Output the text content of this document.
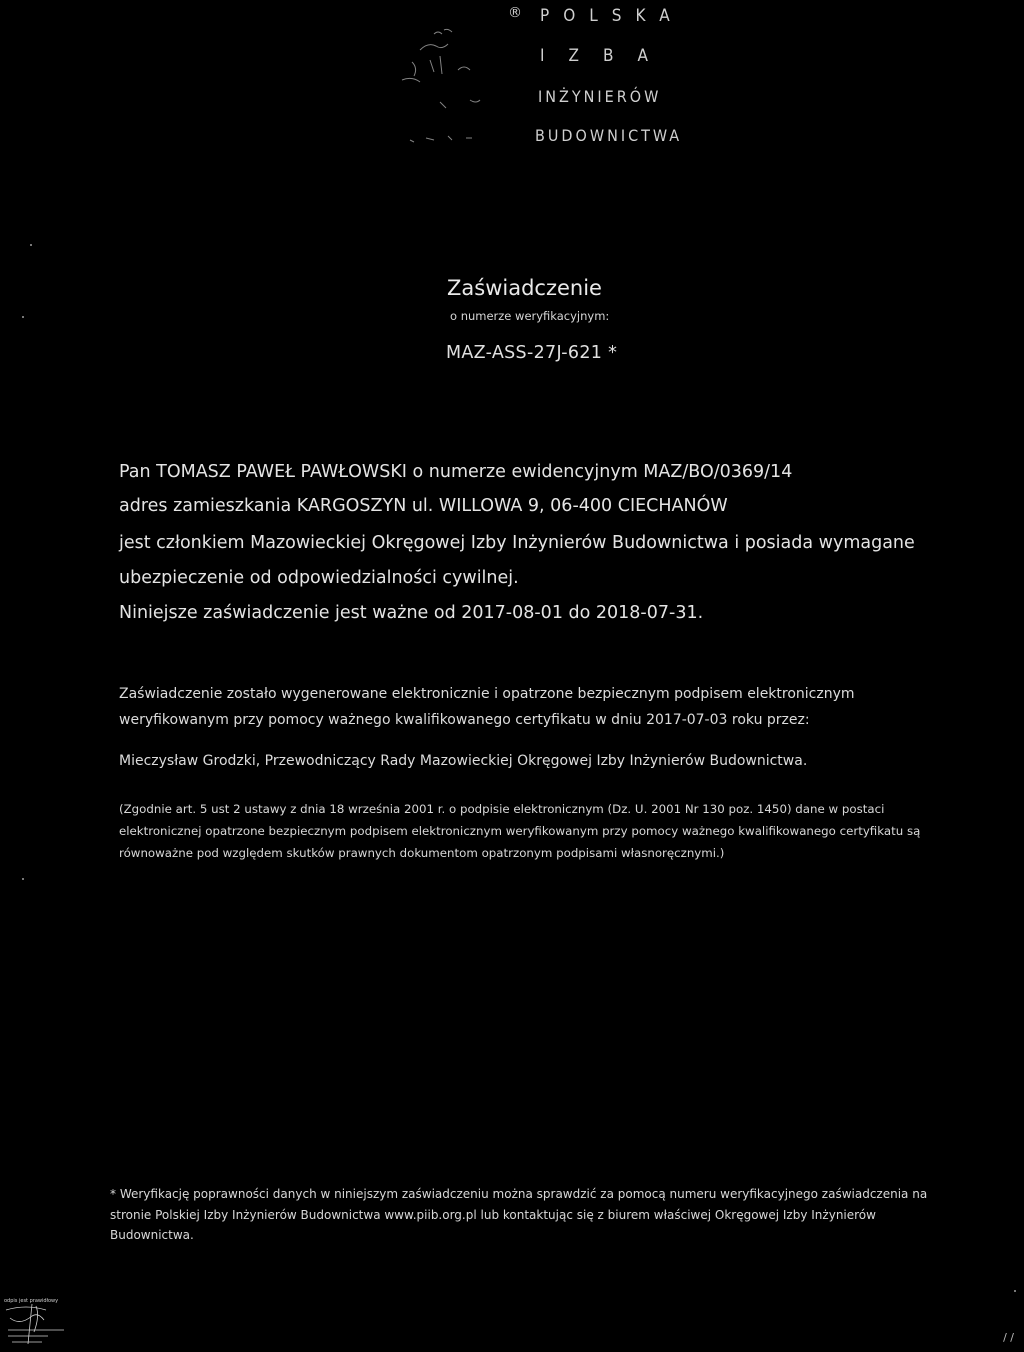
® POLSKA
IZBA
INŻYNIERÓW
BUDOWNICTWA
Zaświadczenie
o numerze weryfikacyjnym:
MAZ-ASS-27J-621 *
Pan TOMASZ PAWEŁ PAWŁOWSKI o numerze ewidencyjnym MAZ/BO/0369/14
adres zamieszkania KARGOSZYN ul. WILLOWA 9, 06-400 CIECHANÓW
jest członkiem Mazowieckiej Okręgowej Izby Inżynierów Budownictwa i posiada wymagane
ubezpieczenie od odpowiedzialności cywilnej.
Niniejsze zaświadczenie jest ważne od 2017-08-01 do 2018-07-31.
Zaświadczenie zostało wygenerowane elektronicznie i opatrzone bezpiecznym podpisem elektronicznym
weryfikowanym przy pomocy ważnego kwalifikowanego certyfikatu w dniu 2017-07-03 roku przez:
Mieczysław Grodzki, Przewodniczący Rady Mazowieckiej Okręgowej Izby Inżynierów Budownictwa.
(Zgodnie art. 5 ust 2 ustawy z dnia 18 września 2001 r. o podpisie elektronicznym (Dz. U. 2001 Nr 130 poz. 1450) dane w postaci
elektronicznej opatrzone bezpiecznym podpisem elektronicznym weryfikowanym przy pomocy ważnego kwalifikowanego certyfikatu są
równoważne pod względem skutków prawnych dokumentom opatrzonym podpisami własnoręcznymi.)
* Weryfikację poprawności danych w niniejszym zaświadczeniu można sprawdzić za pomocą numeru weryfikacyjnego zaświadczenia na
stronie Polskiej Izby Inżynierów Budownictwa www.piib.org.pl lub kontaktując się z biurem właściwej Okręgowej Izby Inżynierów
Budownictwa.
odpis jest prawidłowy
/ /
